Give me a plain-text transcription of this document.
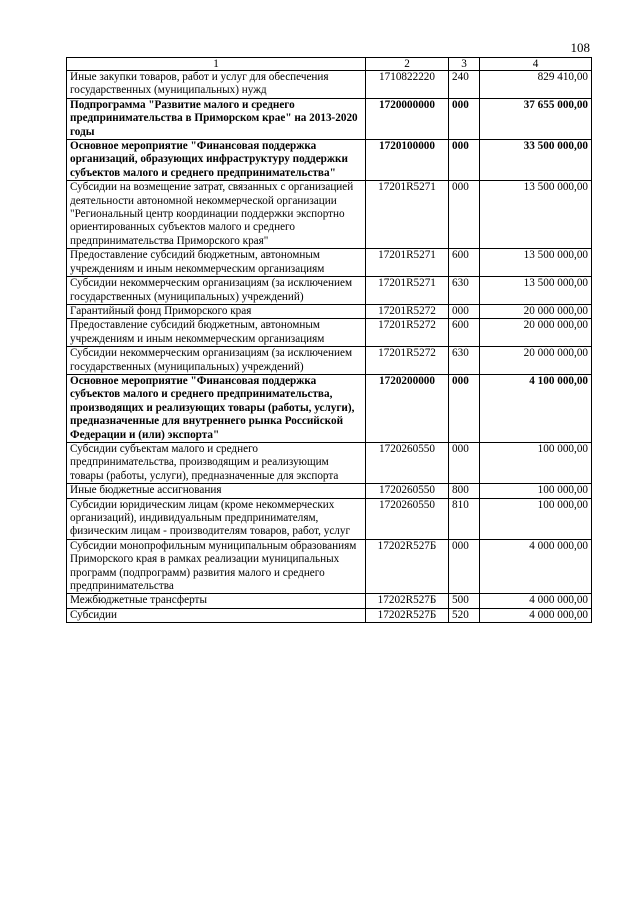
108
1	2	3	4
Иные закупки товаров, работ и услуг для обеспечения государственных (муниципальных) нужд	1710822220	240	829 410,00
Подпрограмма "Развитие малого и среднего предпринимательства в Приморском крае" на 2013-2020 годы	1720000000	000	37 655 000,00
Основное мероприятие "Финансовая поддержка организаций, образующих инфраструктуру поддержки субъектов малого и среднего предпринимательства"	1720100000	000	33 500 000,00
Субсидии на возмещение затрат, связанных с организацией деятельности автономной некоммерческой организации "Региональный центр координации поддержки экспортно ориентированных субъектов малого и среднего предпринимательства Приморского края"	17201R5271	000	13 500 000,00
Предоставление субсидий бюджетным, автономным учреждениям и иным некоммерческим организациям	17201R5271	600	13 500 000,00
Субсидии некоммерческим организациям (за исключением государственных (муниципальных) учреждений)	17201R5271	630	13 500 000,00
Гарантийный фонд Приморского края	17201R5272	000	20 000 000,00
Предоставление субсидий бюджетным, автономным учреждениям и иным некоммерческим организациям	17201R5272	600	20 000 000,00
Субсидии некоммерческим организациям (за исключением государственных (муниципальных) учреждений)	17201R5272	630	20 000 000,00
Основное мероприятие "Финансовая поддержка субъектов малого и среднего предпринимательства, производящих и реализующих товары (работы, услуги), предназначенные для внутреннего рынка Российской Федерации и (или) экспорта"	1720200000	000	4 100 000,00
Субсидии субъектам малого и среднего предпринимательства, производящим и реализующим товары (работы, услуги), предназначенные для экспорта	1720260550	000	100 000,00
Иные бюджетные ассигнования	1720260550	800	100 000,00
Субсидии юридическим лицам (кроме некоммерческих организаций), индивидуальным предпринимателям, физическим лицам - производителям товаров, работ, услуг	1720260550	810	100 000,00
Субсидии монопрофильным муниципальным образованиям Приморского края в рамках реализации муниципальных программ (подпрограмм) развития малого и среднего предпринимательства	17202R527Б	000	4 000 000,00
Межбюджетные трансферты	17202R527Б	500	4 000 000,00
Субсидии	17202R527Б	520	4 000 000,00
